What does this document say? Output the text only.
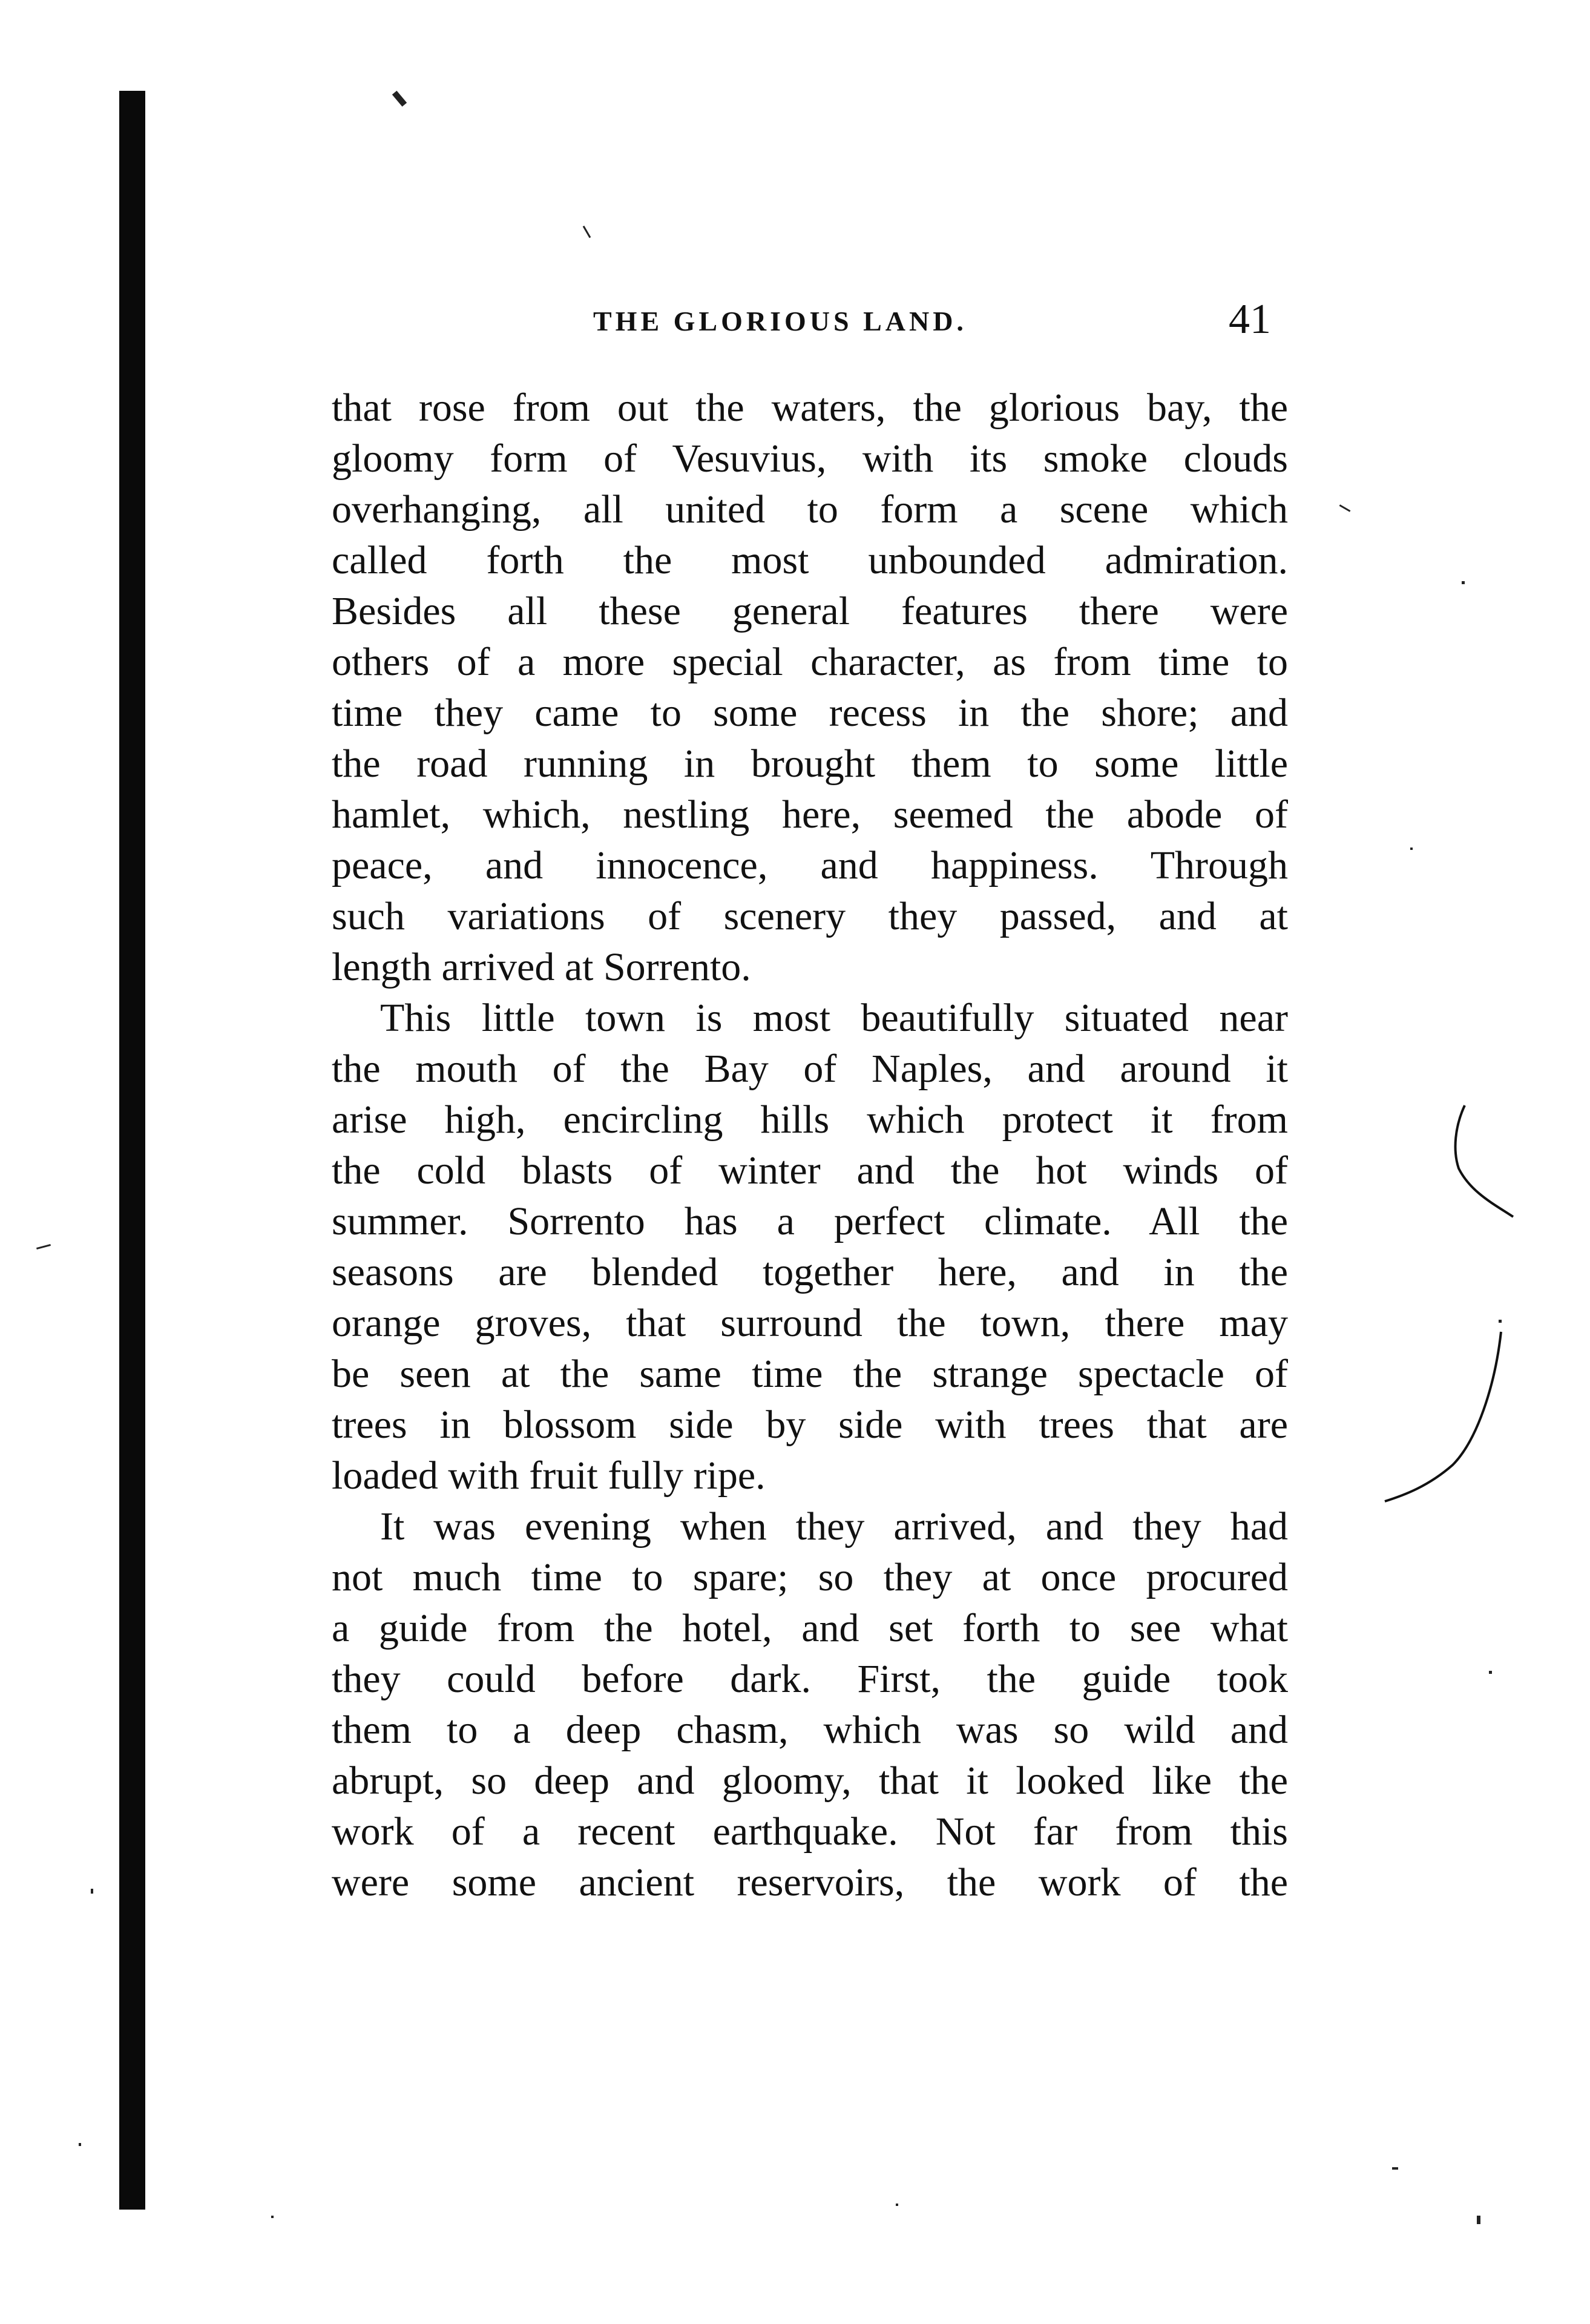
THE GLORIOUS LAND.	41
that rose from out the waters, the glorious bay, the
gloomy form of Vesuvius, with its smoke clouds
overhanging, all united to form a scene which
called forth the most unbounded admiration.
Besides all these general features there were
others of a more special character, as from time to
time they came to some recess in the shore; and
the road running in brought them to some little
hamlet, which, nestling here, seemed the abode of
peace, and innocence, and happiness. Through
such variations of scenery they passed, and at
length arrived at Sorrento.
This little town is most beautifully situated near
the mouth of the Bay of Naples, and around it
arise high, encircling hills which protect it from
the cold blasts of winter and the hot winds of
summer. Sorrento has a perfect climate. All the
seasons are blended together here, and in the
orange groves, that surround the town, there may
be seen at the same time the strange spectacle of
trees in blossom side by side with trees that are
loaded with fruit fully ripe.
It was evening when they arrived, and they had
not much time to spare; so they at once procured
a guide from the hotel, and set forth to see what
they could before dark. First, the guide took
them to a deep chasm, which was so wild and
abrupt, so deep and gloomy, that it looked like the
work of a recent earthquake. Not far from this
were some ancient reservoirs, the work of the
